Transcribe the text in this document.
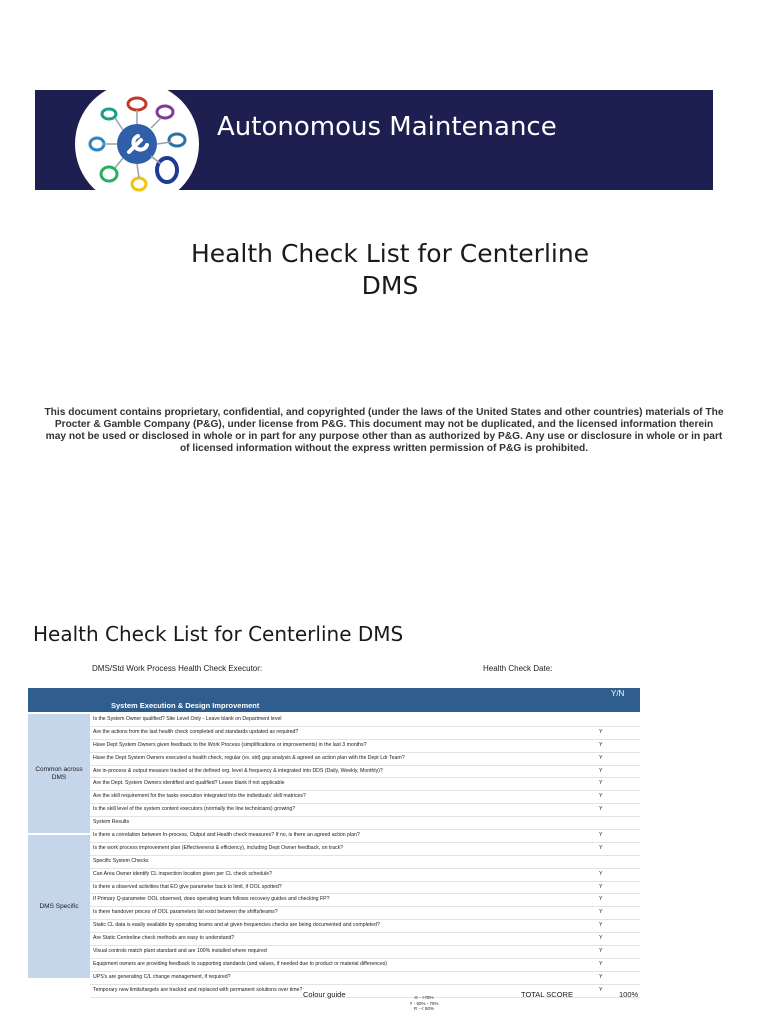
Autonomous Maintenance
Health Check List for Centerline
DMS
This document contains proprietary, confidential, and copyrighted (under the laws of the United States and other countries) materials of The Procter & Gamble Company (P&G), under license from P&G. This document may not be duplicated, and the licensed information therein may not be used or disclosed in whole or in part for any purpose other than as authorized by P&G. Any use or disclosure in whole or in part of licensed information without the express written permission of P&G is prohibited.
Health Check List for Centerline DMS
DMS/Std Work Process Health Check Executor:	Health Check Date:
Y/N
System Execution & Design Improvement
Common across DMS
DMS Specific
Is the System Owner qualified? Site Level Only - Leave blank on Department level
Are the actions from the last health check completed and standards updated as required?	Y
Have Dept System Owners given feedback to the Work Process (simplifications or improvements) in the last 3 months?	Y
Have the Dept System Owners executed a health check, regular (vs. std) gap analysis & agreed an action plan with the Dept Ldr Team?	Y
Are in-process & output measure tracked at the defined org. level & frequency & integrated into DDS (Daily, Weekly, Monthly)?	Y
Are the Dept. System Owners identified and qualified? Leave blank if not applicable	Y
Are the skill requirement for the tasks execution integrated into the individuals' skill matrices?	Y
Is the skill level of the system content executors (normally the line technicians) growing?	Y
System Results
Is there a correlation between In-process, Output and Health check measures? If no, is there an agreed action plan?	Y
Is the work process improvement plan (Effectiveness & efficiency), including Dept Owner feedback, on track?	Y
Specific System Checks
Can Area Owner identify CL inspection location given per CL check schedule?	Y
Is there a observed activities that EO give parameter back to limit, if OOL spotted?	Y
If Primary Q-parameter OOL observed, does operating team follows recovery guides and checking FP?	Y
Is there handover proces of OOL parameters list exist between the shifts/teams?	Y
Static CL data is easily available by operating teams and at given frequencies checks are being documented and completed?	Y
Are Static Centreline check methods are easy to understand?	Y
Visual controls match plant standard and are 100% installed where required	Y
Equipment owners are providing feedback to supporting standards (and values, if needed due to product or material differences)	Y
UPS's are generating C/L change management, if required?	Y
Temporary new limits/targets are tracked and replaced with permanent solutions over time?	Y
Colour guide	G - >75%
Y - 50% - 75%
R - < 50%
TOTAL SCORE	100%
